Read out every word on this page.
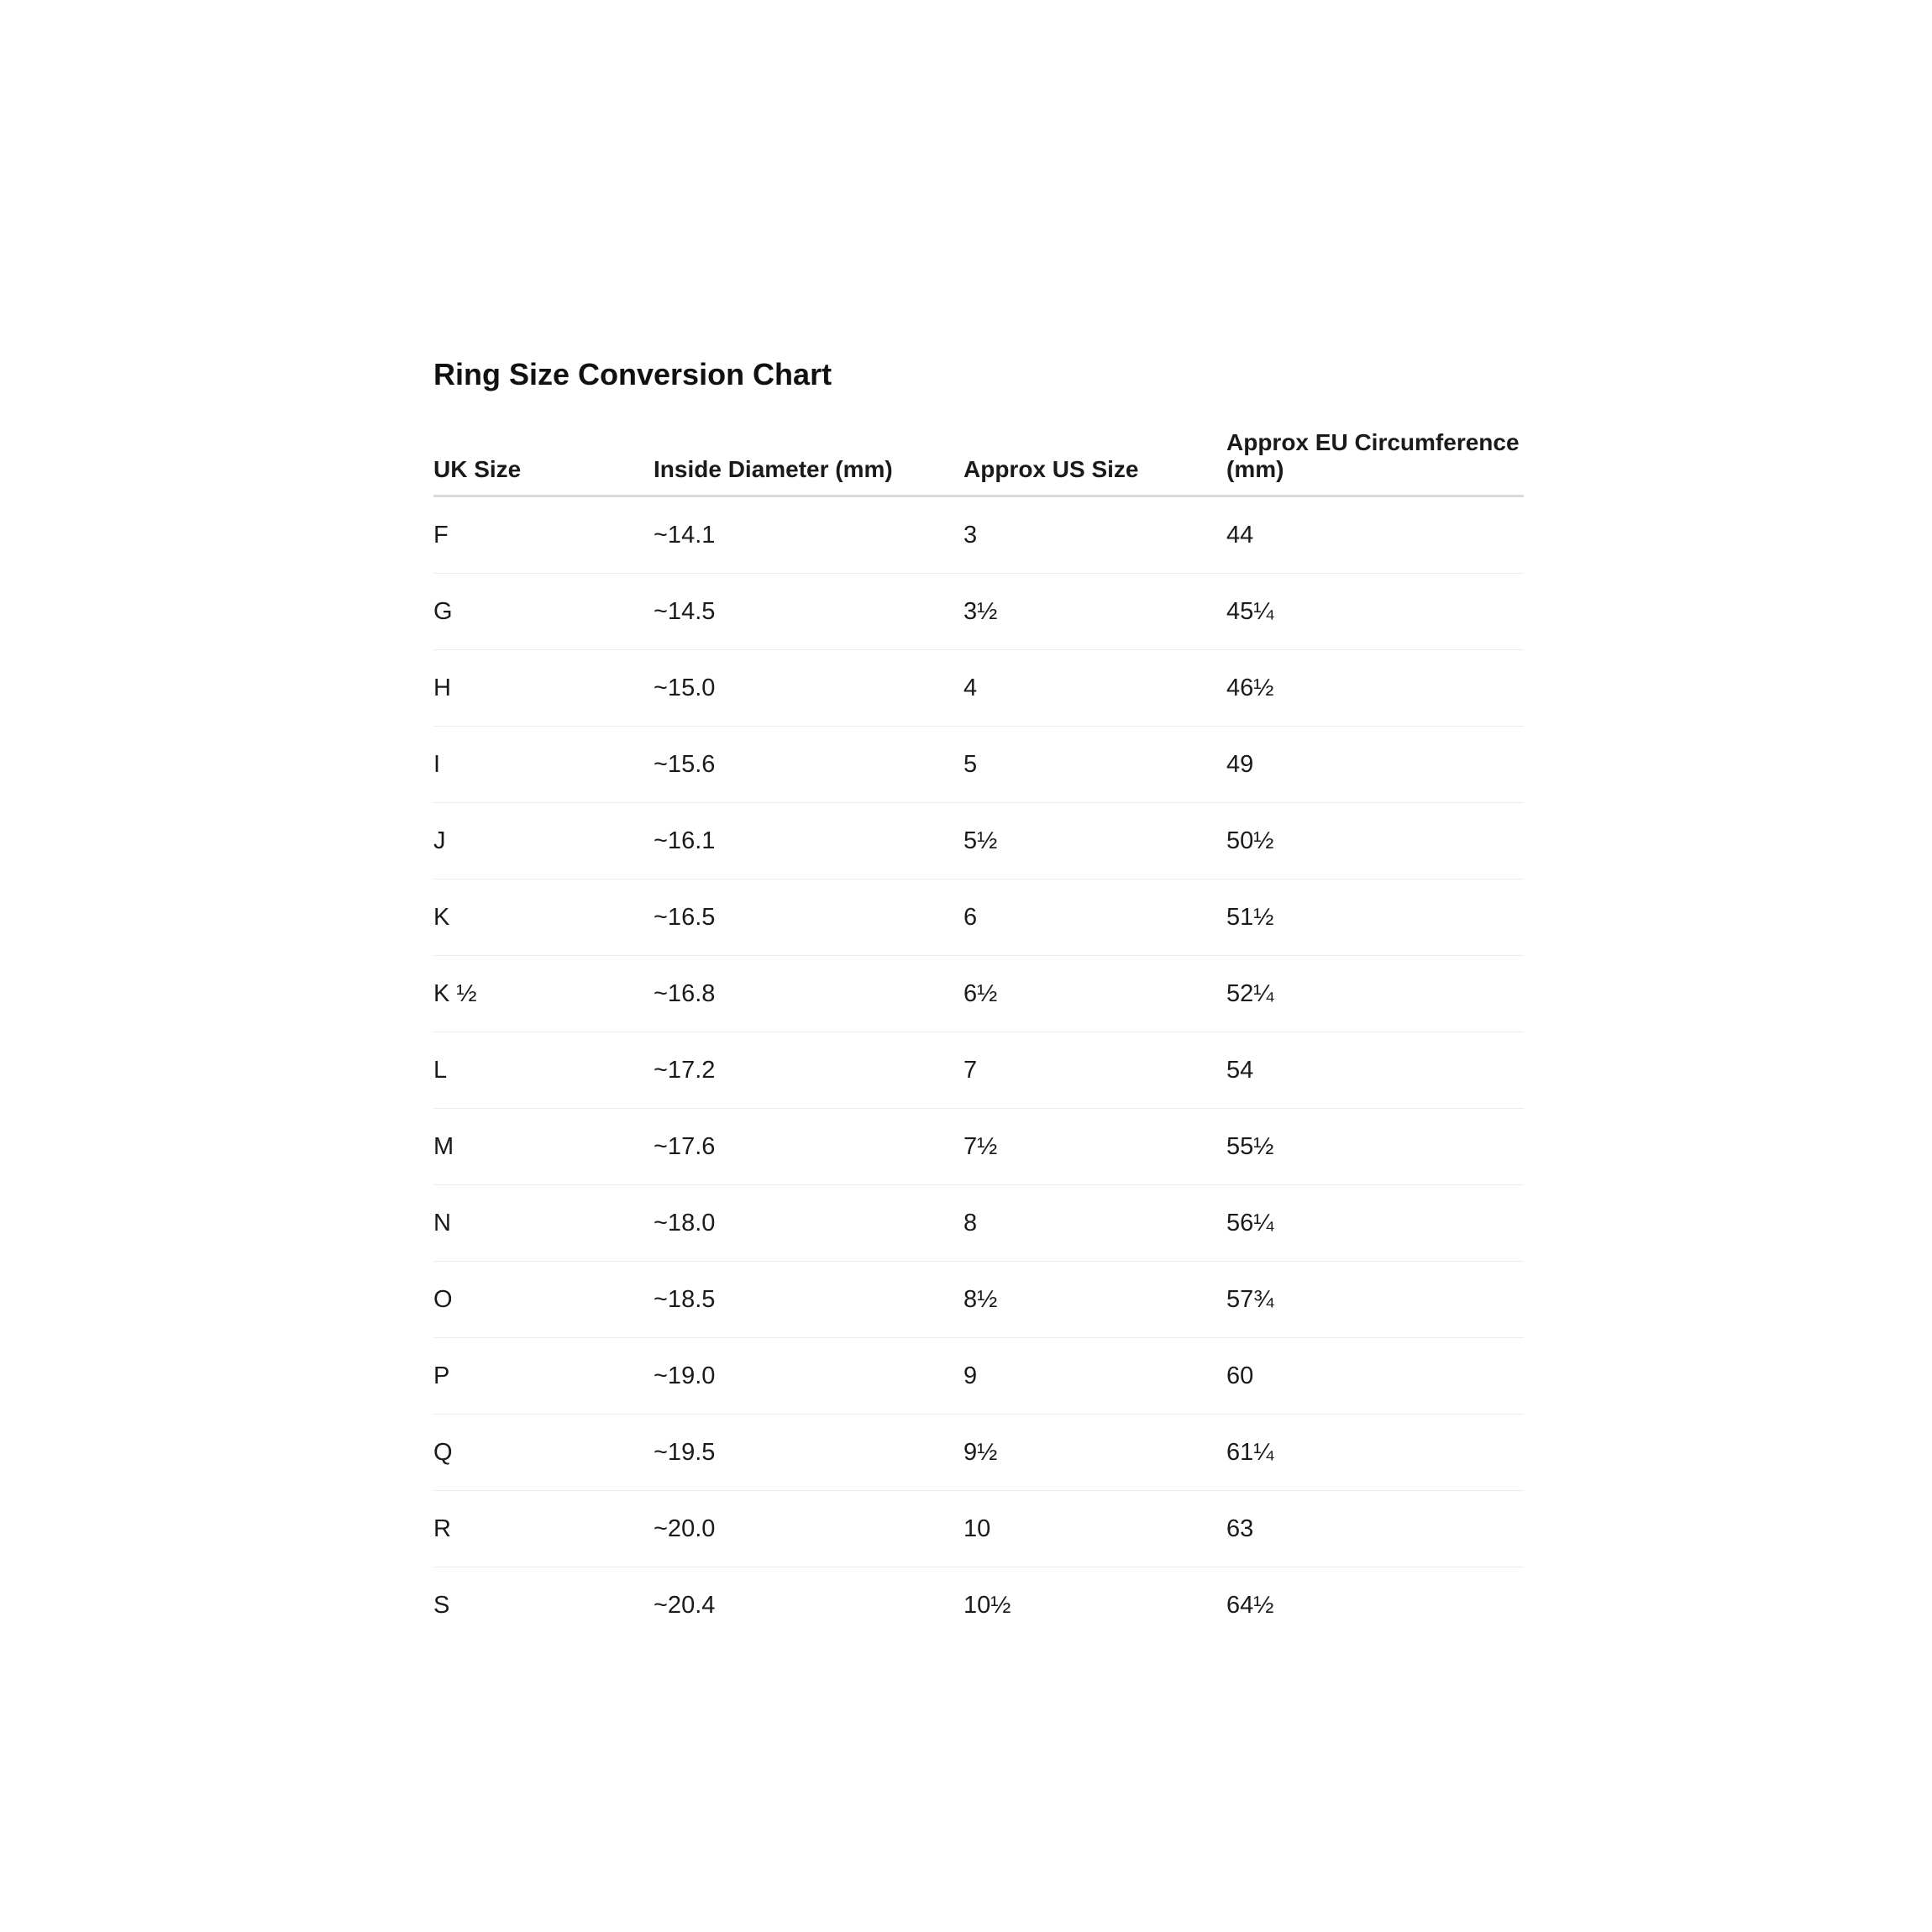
Ring Size Conversion Chart
UK Size	Inside Diameter (mm)	Approx US Size	Approx EU Circumference (mm)
F	~14.1	3	44
G	~14.5	3½	45¼
H	~15.0	4	46½
I	~15.6	5	49
J	~16.1	5½	50½
K	~16.5	6	51½
K ½	~16.8	6½	52¼
L	~17.2	7	54
M	~17.6	7½	55½
N	~18.0	8	56¼
O	~18.5	8½	57¾
P	~19.0	9	60
Q	~19.5	9½	61¼
R	~20.0	10	63
S	~20.4	10½	64½
